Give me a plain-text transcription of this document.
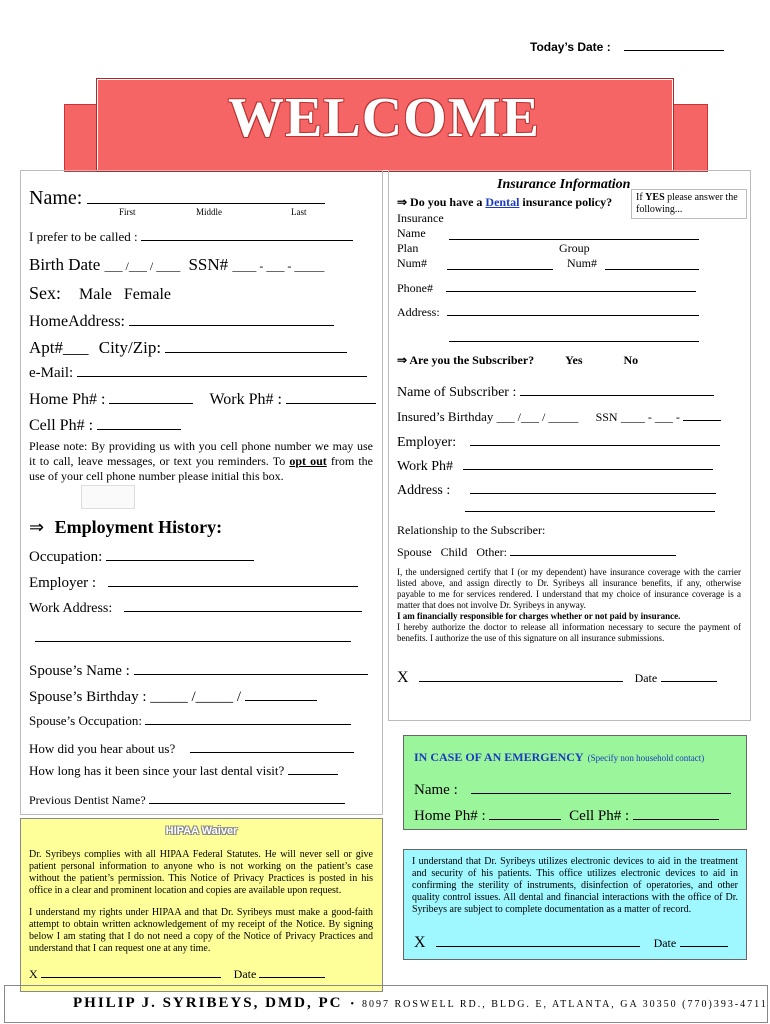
Today’s Date :
WELCOME
Name:
First	Middle	Last
I prefer to be called :
Birth Date ___ /___ / ____ SSN# ____ - ___ - _____
Sex: Male Female
HomeAddress:
Apt#___ City/Zip:
e-Mail:
Home Ph# :	Work Ph# :
Cell Ph# :
Please note: By providing us with you cell phone number we may use it to call, leave messages, or text you reminders. To opt out from the use of your cell phone number please initial this box.
⇒ Employment History:
Occupation:
Employer :
Work Address:
Spouse’s Name :
Spouse’s Birthday : _____ /_____ /
Spouse’s Occupation:
How did you hear about us?
How long has it been since your last dental visit?
Previous Dentist Name?
Insurance Information
⇒ Do you have a Dental insurance policy?	If YES please answer the following...
Insurance
Name
Plan
Num#
Group
Num#
Phone#
Address:
⇒ Are you the Subscriber?	Yes	No
Name of Subscriber :
Insured’s Birthday ___ /___ / _____ SSN ____ - ___ -
Employer:
Work Ph#
Address :
Relationship to the Subscriber:
Spouse Child Other:
I, the undersigned certify that I (or my dependent) have insurance coverage with the carrier listed above, and assign directly to Dr. Syribeys all insurance benefits, if any, otherwise payable to me for services rendered. I understand that my choice of insurance coverage is a matter that does not involve Dr. Syribeys in anyway.
I am financially responsible for charges whether or not paid by insurance.
I hereby authorize the doctor to release all information necessary to secure the payment of benefits. I authorize the use of this signature on all insurance submissions.
X	Date
IN CASE OF AN EMERGENCY (Specify non household contact)
Name :
Home Ph# :	Cell Ph# :
HIPAA Waiver

Dr. Syribeys complies with all HIPAA Federal Statutes. He will never sell or give patient personal information to anyone who is not working on the patient’s case without the patient’s permission. This Notice of Privacy Practices is posted in his office in a clear and prominent location and copies are available upon request.

I understand my rights under HIPAA and that Dr. Syribeys must make a good-faith attempt to obtain written acknowledgement of my receipt of the Notice. By signing below I am stating that I do not need a copy of the Notice of Privacy Practices and understand that I can request one at any time.

X	Date
I understand that Dr. Syribeys utilizes electronic devices to aid in the treatment and security of his patients. This office utilizes electronic devices to aid in confirming the sterility of instruments, disinfection of operatories, and other quality control issues. All dental and financial interactions with the office of Dr. Syribeys are subject to complete documentation as a matter of record.
X	Date
PHILIP J. SYRIBEYS, DMD, PC • 8097 ROSWELL RD., BLDG. E, ATLANTA, GA 30350 (770)393-4711
